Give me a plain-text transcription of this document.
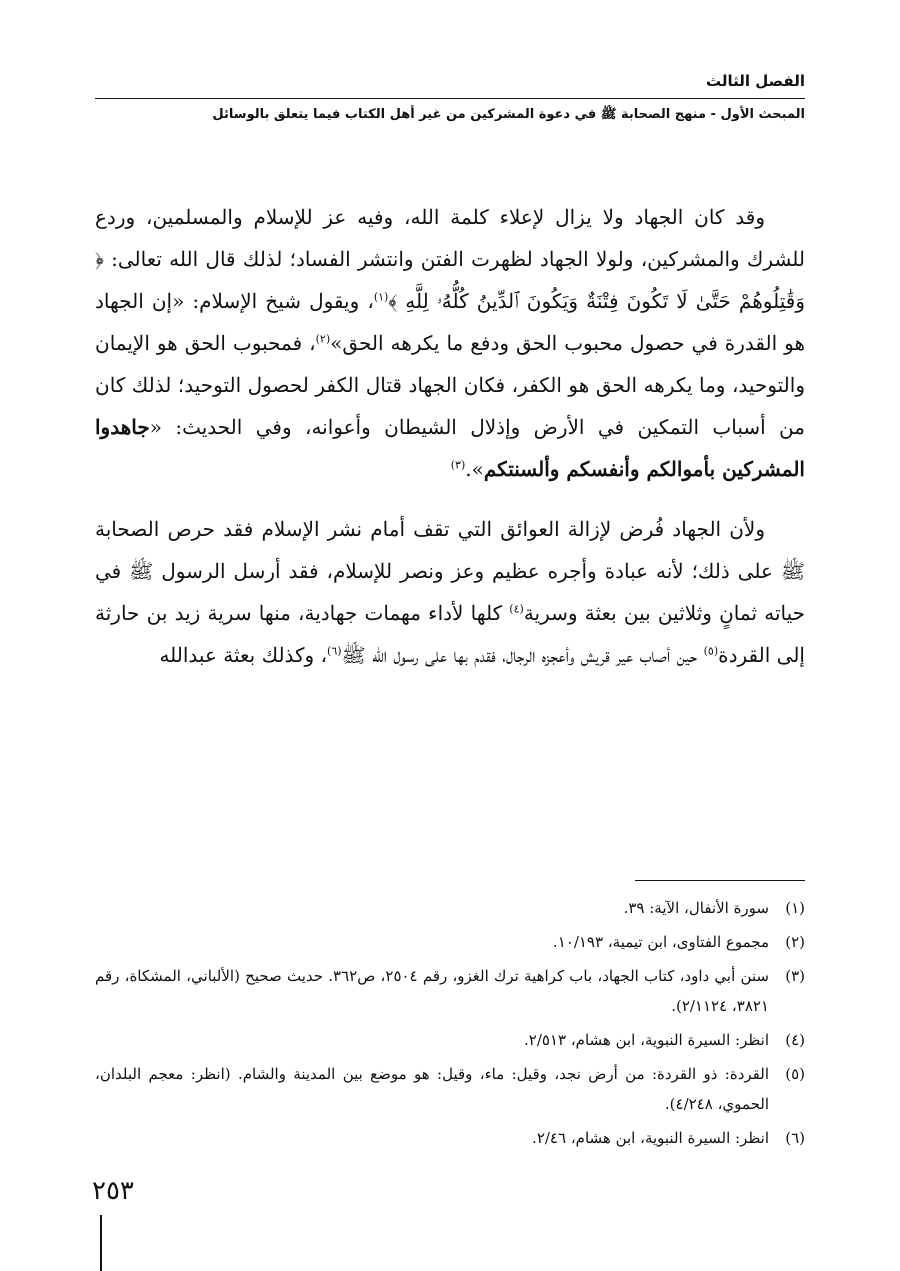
الفصل الثالث
المبحث الأول - منهج الصحابة ﷺ في دعوة المشركين من غير أهل الكتاب فيما يتعلق بالوسائل

وقد كان الجهاد ولا يزال لإعلاء كلمة الله، وفيه عز للإسلام والمسلمين، وردع للشرك والمشركين، ولولا الجهاد لظهرت الفتن وانتشر الفساد؛ لذلك قال الله تعالى: ﴿ وَقَٰتِلُوهُمْ حَتَّىٰ لَا تَكُونَ فِتْنَةٌ وَيَكُونَ ٱلدِّينُ كُلُّهُۥ لِلَّهِ ﴾$^{(١)}$، ويقول شيخ الإسلام: «إن الجهاد هو القدرة في حصول محبوب الحق ودفع ما يكرهه الحق»$^{(٢)}$، فمحبوب الحق هو الإيمان والتوحيد، وما يكرهه الحق هو الكفر، فكان الجهاد قتال الكفر لحصول التوحيد؛ لذلك كان من أسباب التمكين في الأرض وإذلال الشيطان وأعوانه، وفي الحديث: «جاهدوا المشركين بأموالكم وأنفسكم وألسنتكم».$^{(٣)}$

ولأن الجهاد فُرض لإزالة العوائق التي تقف أمام نشر الإسلام فقد حرص الصحابة ﷺ على ذلك؛ لأنه عبادة وأجره عظيم وعز ونصر للإسلام، فقد أرسل الرسول ﷺ في حياته ثمانٍ وثلاثين بين بعثة وسرية$^{(٤)}$ كلها لأداء مهمات جهادية، منها سرية زيد بن حارثة إلى القردة$^{(٥)}$ حين أصاب عير قريش وأعجزه الرجال، فقدم بها على رسول الله ﷺ$^{(٦)}$، وكذلك بعثة عبدالله

(١)
سورة الأنفال، الآية: ٣٩.
(٢)
مجموع الفتاوى، ابن تيمية، ١٠/١٩٣.
(٣)
سنن أبي داود، كتاب الجهاد، باب كراهية ترك الغزو، رقم ٢٥٠٤، ص٣٦٢. حديث صحيح (الألباني، المشكاة، رقم ٣٨٢١، ٢/١١٢٤).
(٤)
انظر: السيرة النبوية، ابن هشام، ٢/٥١٣.
(٥)
القردة: ذو القردة: من أرض نجد، وقيل: ماء، وقيل: هو موضع بين المدينة والشام. (انظر: معجم البلدان، الحموي، ٤/٢٤٨).
(٦)
انظر: السيرة النبوية، ابن هشام، ٢/٤٦.
٢٥٣
